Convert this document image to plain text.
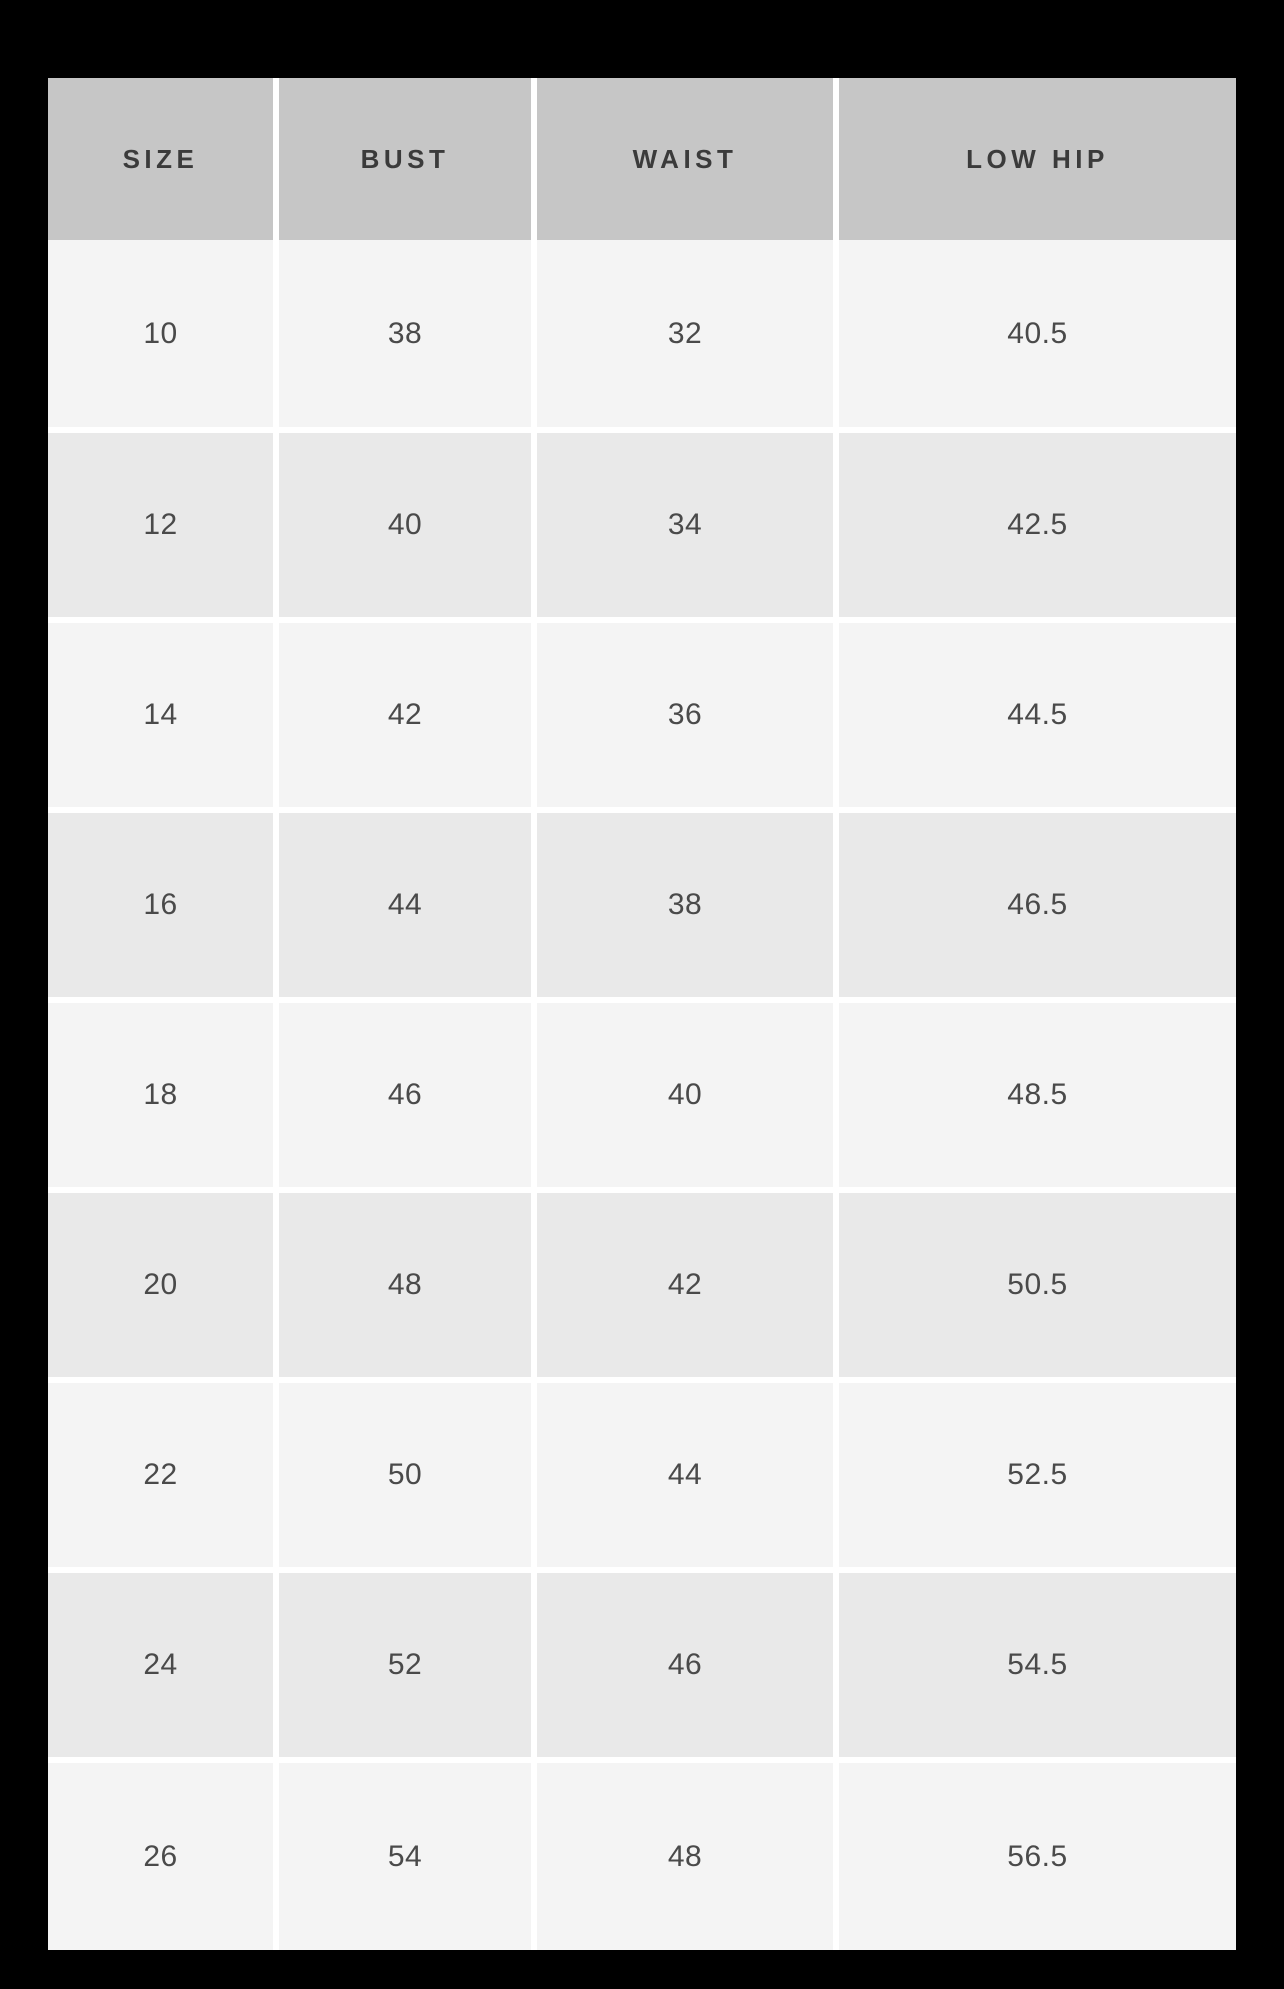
SIZE	BUST	WAIST	LOW HIP
10	38	32	40.5
12	40	34	42.5
14	42	36	44.5
16	44	38	46.5
18	46	40	48.5
20	48	42	50.5
22	50	44	52.5
24	52	46	54.5
26	54	48	56.5
